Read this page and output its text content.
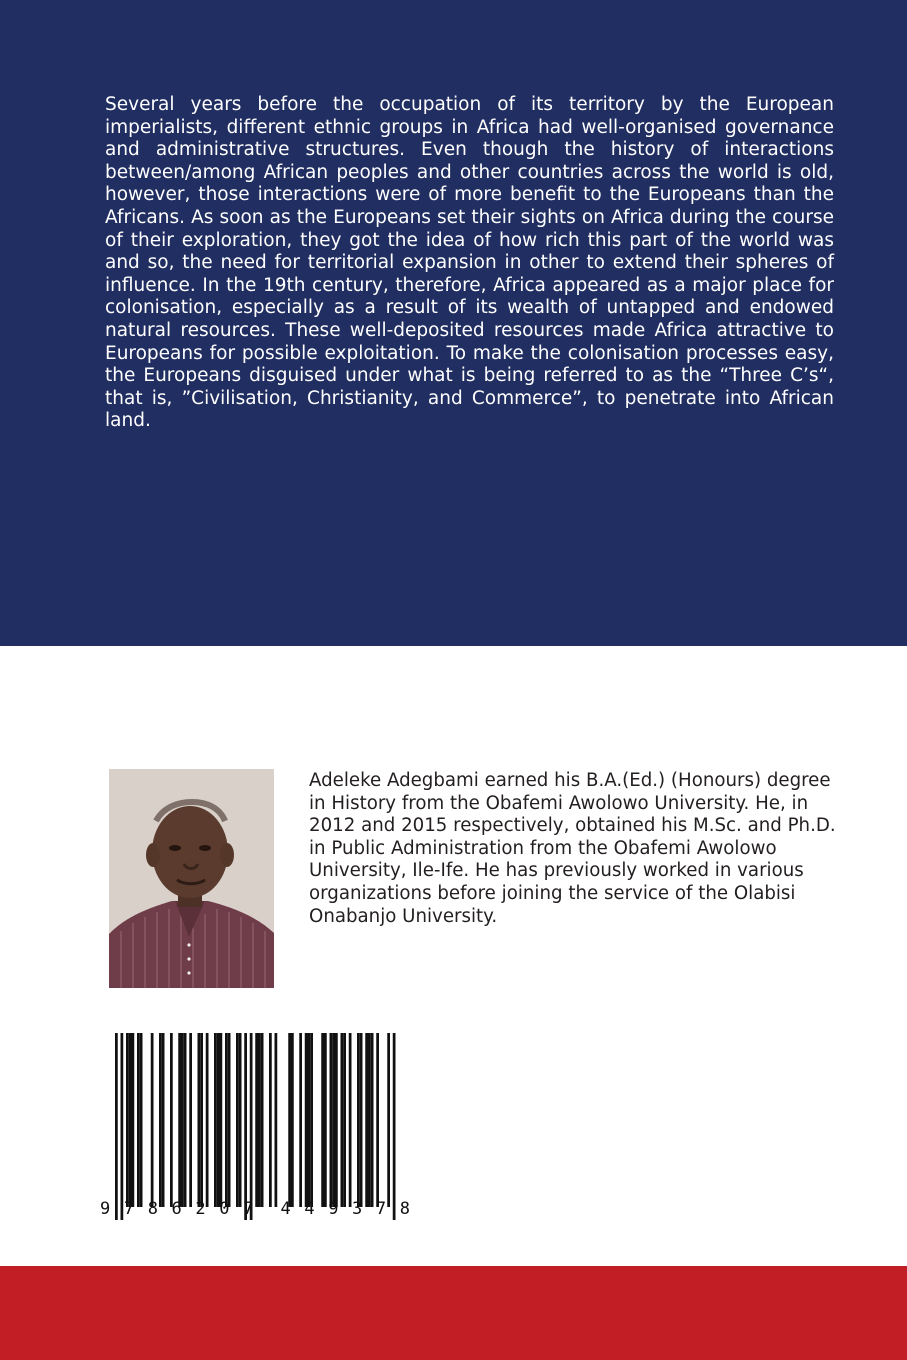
Several years before the occupation of its territory by the European imperialists, different ethnic groups in Africa had well-organised governance and administrative structures. Even though the history of interactions between/among African peoples and other countries across the world is old, however, those interactions were of more benefit to the Europeans than the Africans. As soon as the Europeans set their sights on Africa during the course of their exploration, they got the idea of how rich this part of the world was and so, the need for territorial expansion in other to extend their spheres of influence. In the 19th century, therefore, Africa appeared as a major place for colonisation, especially as a result of its wealth of untapped and endowed natural resources. These well-deposited resources made Africa attractive to Europeans for possible exploitation. To make the colonisation processes easy, the Europeans disguised under what is being referred to as the “Three C’s“, that is, ”Civilisation, Christianity, and Commerce”, to penetrate into African land.

Adeleke Adegbami earned his B.A.(Ed.) (Honours) degree in History from the Obafemi Awolowo University. He, in 2012 and 2015 respectively, obtained his M.Sc. and Ph.D. in Public Administration from the Obafemi Awolowo University, Ile-Ife. He has previously worked in various organizations before joining the service of the Olabisi Onabanjo University.

9 7 8 6 2 0 7 4 4 9 3 7 8
